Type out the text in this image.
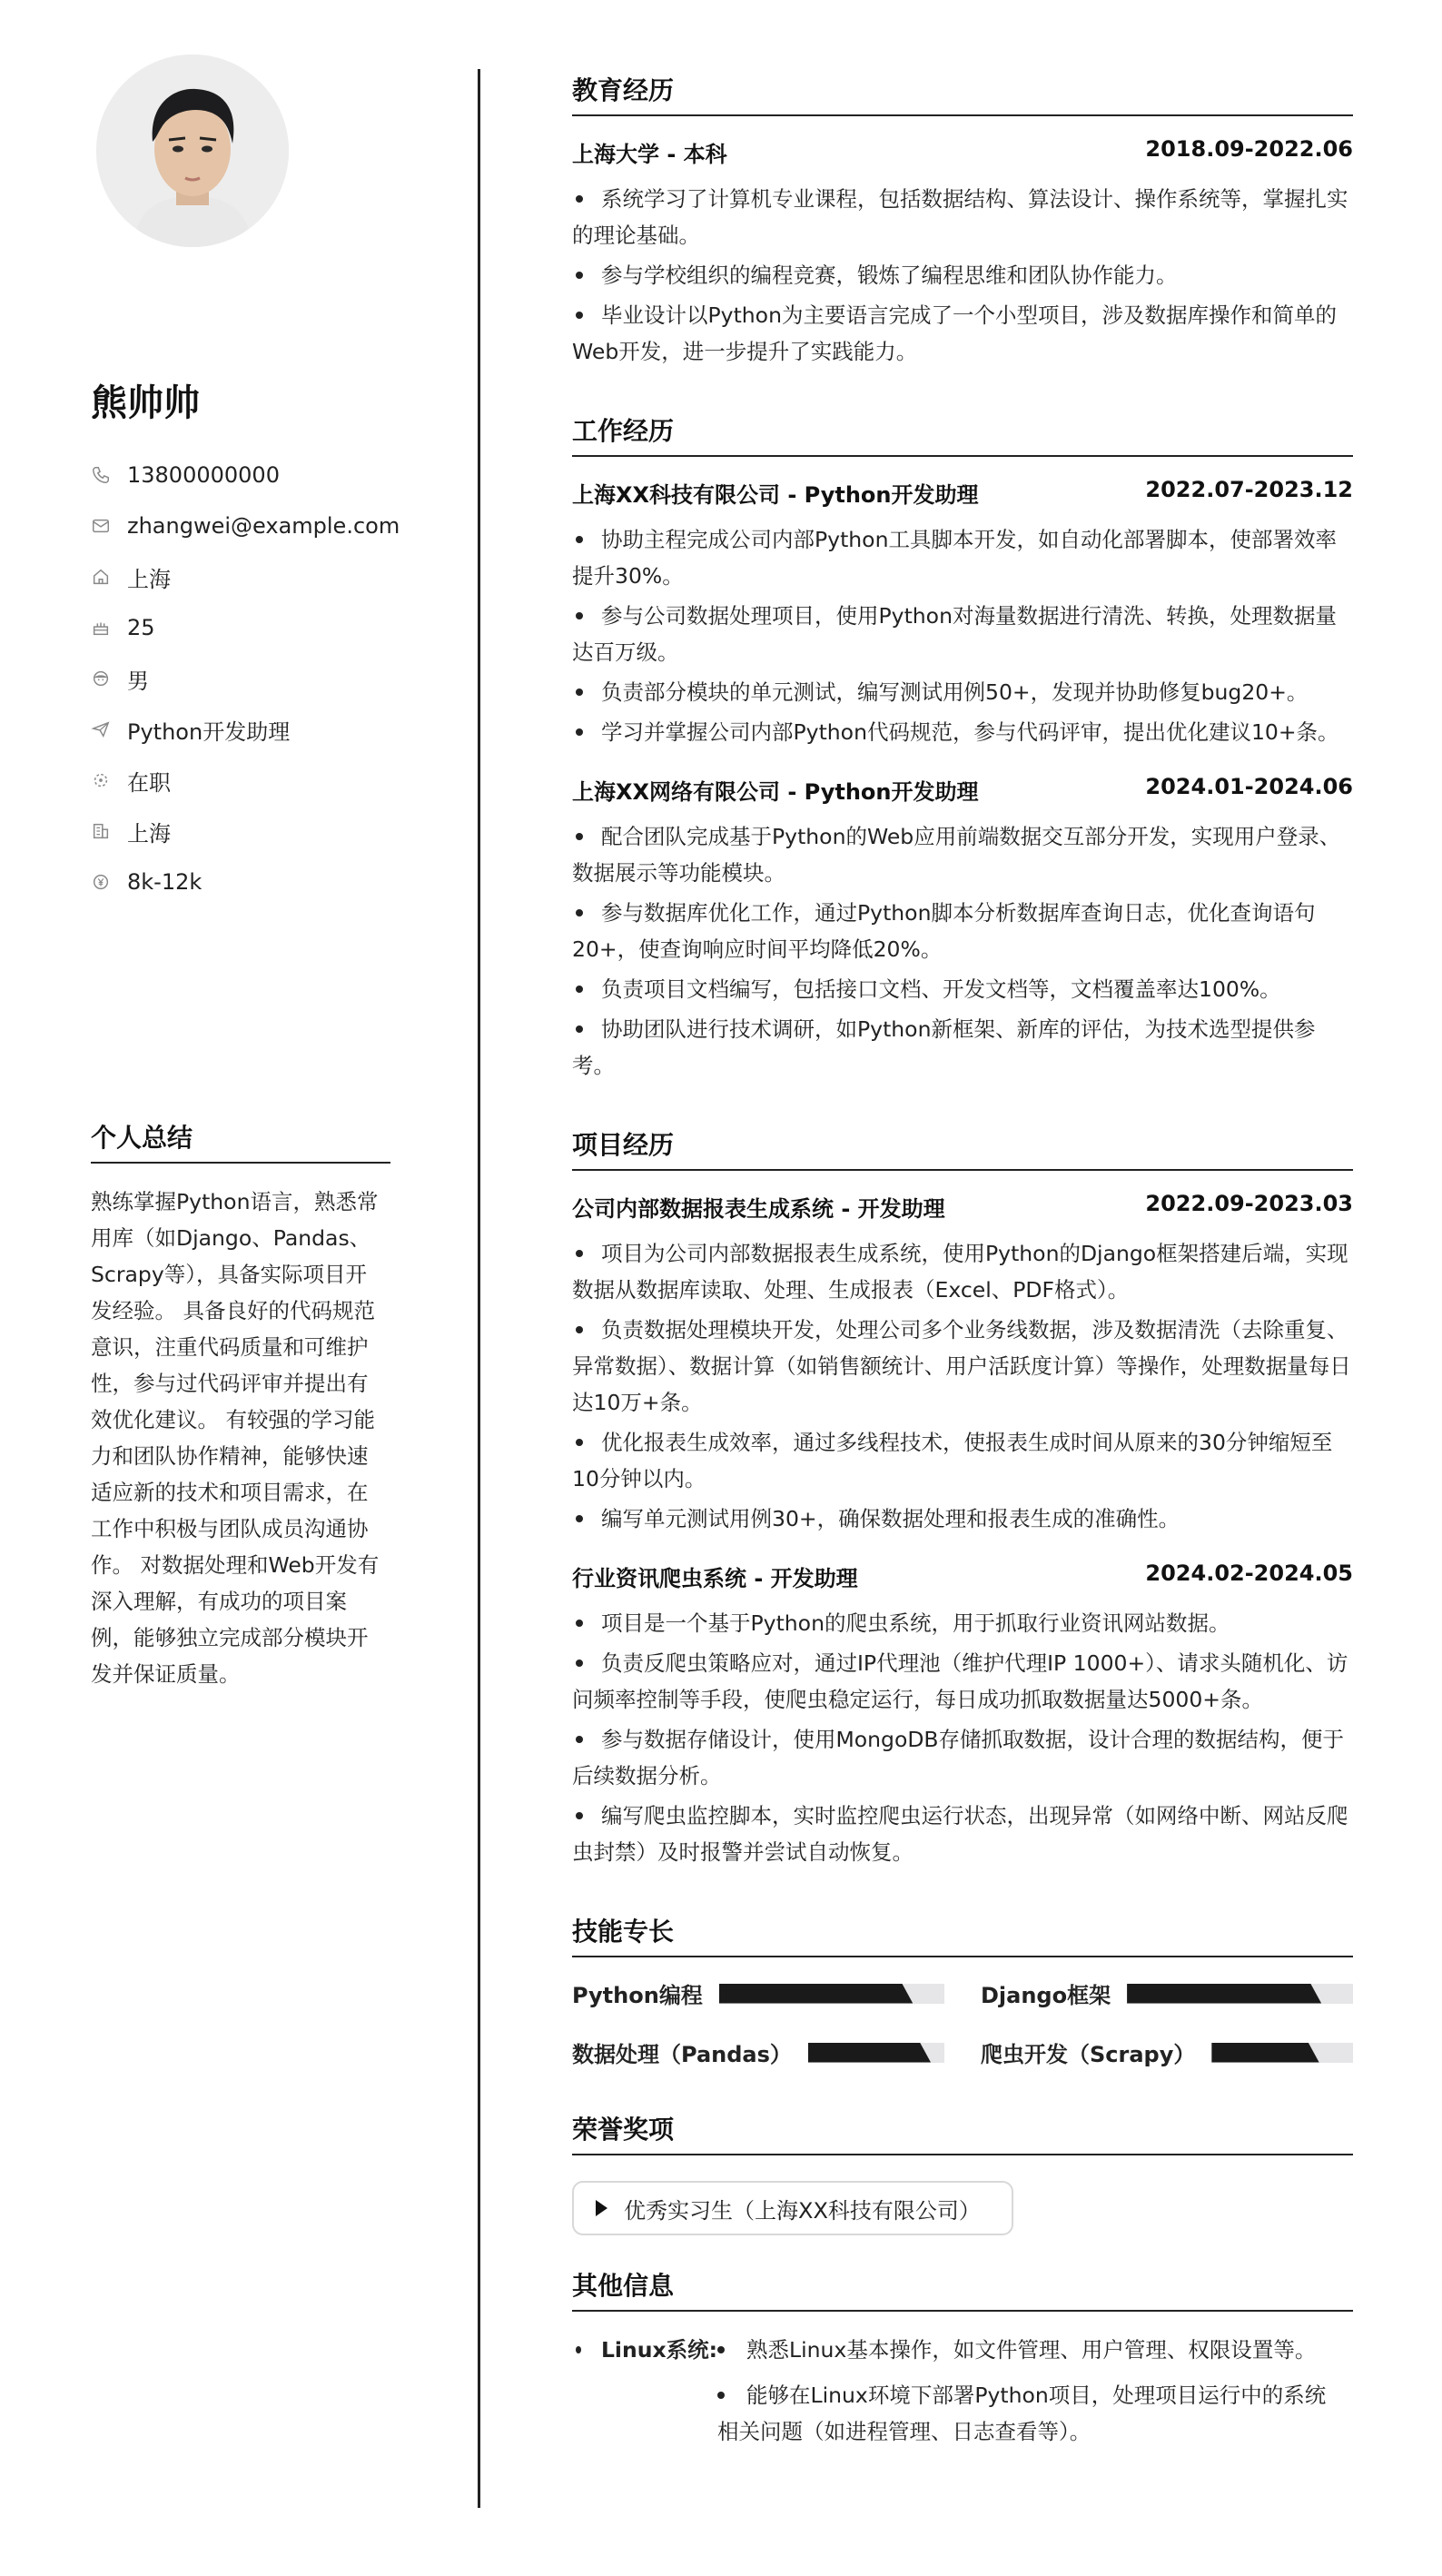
熊帅帅
13800000000
zhangwei@example.com
上海
25
男
Python开发助理
在职
上海
8k-12k
个人总结
熟练掌握Python语言，熟悉常用库（如Django、Pandas、Scrapy等），具备实际项目开发经验。 具备良好的代码规范意识，注重代码质量和可维护性，参与过代码评审并提出有效优化建议。 有较强的学习能力和团队协作精神，能够快速适应新的技术和项目需求，在工作中积极与团队成员沟通协作。 对数据处理和Web开发有深入理解，有成功的项目案例，能够独立完成部分模块开发并保证质量。
教育经历
上海大学 - 本科	2018.09-2022.06
系统学习了计算机专业课程，包括数据结构、算法设计、操作系统等，掌握扎实的理论基础。
参与学校组织的编程竞赛，锻炼了编程思维和团队协作能力。
毕业设计以Python为主要语言完成了一个小型项目，涉及数据库操作和简单的Web开发，进一步提升了实践能力。
工作经历
上海XX科技有限公司 - Python开发助理	2022.07-2023.12
协助主程完成公司内部Python工具脚本开发，如自动化部署脚本，使部署效率提升30%。
参与公司数据处理项目，使用Python对海量数据进行清洗、转换，处理数据量达百万级。
负责部分模块的单元测试，编写测试用例50+，发现并协助修复bug20+。
学习并掌握公司内部Python代码规范，参与代码评审，提出优化建议10+条。
上海XX网络有限公司 - Python开发助理	2024.01-2024.06
配合团队完成基于Python的Web应用前端数据交互部分开发，实现用户登录、数据展示等功能模块。
参与数据库优化工作，通过Python脚本分析数据库查询日志，优化查询语句20+，使查询响应时间平均降低20%。
负责项目文档编写，包括接口文档、开发文档等，文档覆盖率达100%。
协助团队进行技术调研，如Python新框架、新库的评估，为技术选型提供参考。
项目经历
公司内部数据报表生成系统 - 开发助理	2022.09-2023.03
项目为公司内部数据报表生成系统，使用Python的Django框架搭建后端，实现数据从数据库读取、处理、生成报表（Excel、PDF格式）。
负责数据处理模块开发，处理公司多个业务线数据，涉及数据清洗（去除重复、异常数据）、数据计算（如销售额统计、用户活跃度计算）等操作，处理数据量每日达10万+条。
优化报表生成效率，通过多线程技术，使报表生成时间从原来的30分钟缩短至10分钟以内。
编写单元测试用例30+，确保数据处理和报表生成的准确性。
行业资讯爬虫系统 - 开发助理	2024.02-2024.05
项目是一个基于Python的爬虫系统，用于抓取行业资讯网站数据。
负责反爬虫策略应对，通过IP代理池（维护代理IP 1000+）、请求头随机化、访问频率控制等手段，使爬虫稳定运行，每日成功抓取数据量达5000+条。
参与数据存储设计，使用MongoDB存储抓取数据，设计合理的数据结构，便于后续数据分析。
编写爬虫监控脚本，实时监控爬虫运行状态，出现异常（如网络中断、网站反爬虫封禁）及时报警并尝试自动恢复。
技能专长
Python编程	Django框架
数据处理（Pandas）	爬虫开发（Scrapy）
荣誉奖项
优秀实习生（上海XX科技有限公司）
其他信息
Linux系统:	熟悉Linux基本操作，如文件管理、用户管理、权限设置等。
能够在Linux环境下部署Python项目，处理项目运行中的系统相关问题（如进程管理、日志查看等）。
